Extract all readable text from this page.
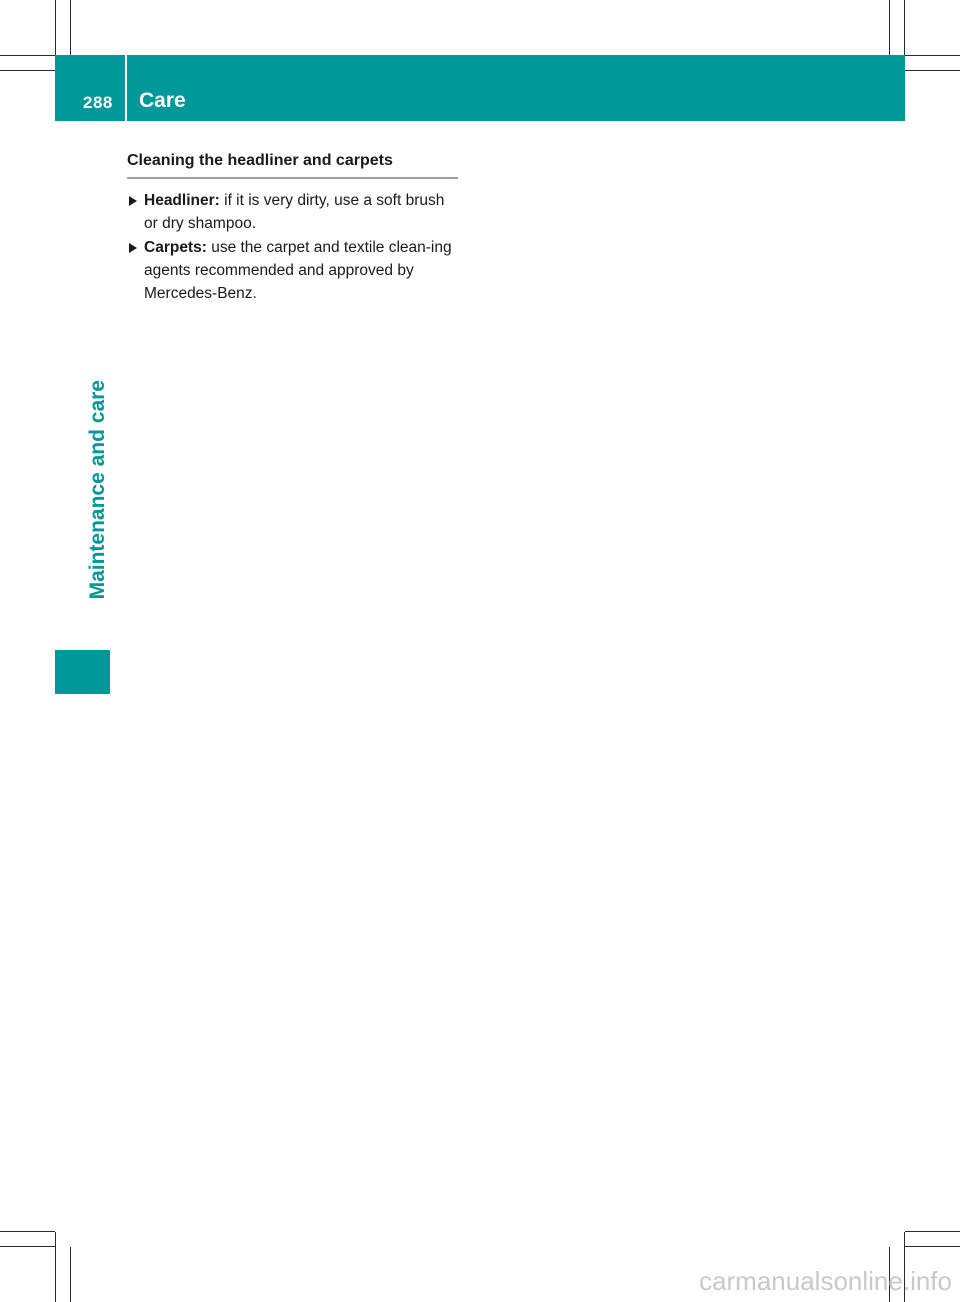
288 Care
Maintenance and care
Cleaning the headliner and carpets
Headliner: if it is very dirty, use a soft brush or dry shampoo.
Carpets: use the carpet and textile clean-ing agents recommended and approved by Mercedes-Benz.
carmanualsonline.info
